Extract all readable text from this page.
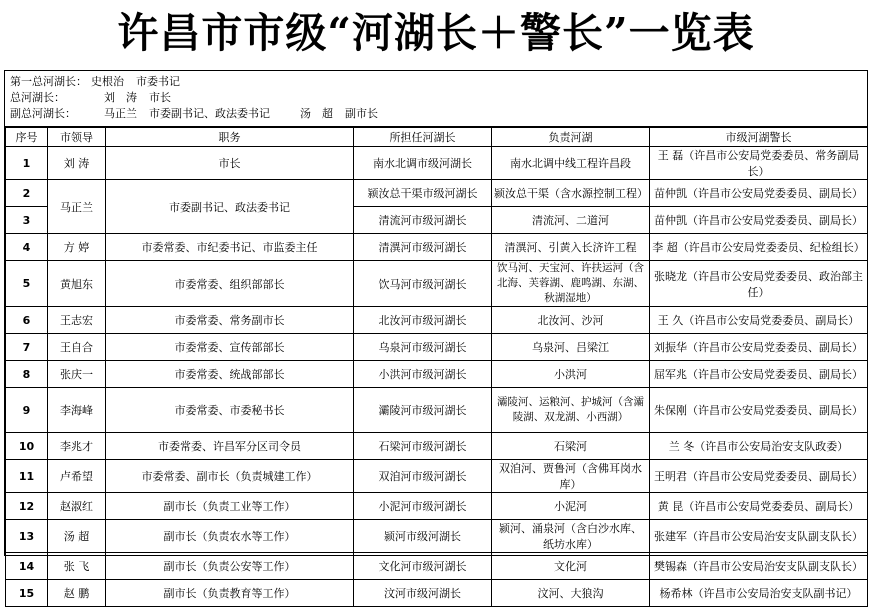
许昌市市级“河湖长＋警长”一览表
第一总河湖长： 史根治 市委书记
总河湖长：	刘　涛 市长
副总河湖长：	马正兰 市委副书记、政法委书记	汤　超 副市长
序号	市领导	职务	所担任河湖长	负责河湖	市级河湖警长
1	刘 涛	市长	南水北调市级河湖长	南水北调中线工程许昌段	王 磊（许昌市公安局党委委员、常务副局长）
2	马正兰	市委副书记、政法委书记	颍汝总干渠市级河湖长	颍汝总干渠（含水源控制工程）	苗仲凯（许昌市公安局党委委员、副局长）
3			清流河市级河湖长	清流河、二道河	苗仲凯（许昌市公安局党委委员、副局长）
4	方 婷	市委常委、市纪委书记、市监委主任	清潩河市级河湖长	清潩河、引黄入长济许工程	李 超（许昌市公安局党委委员、纪检组长）
5	黄旭东	市委常委、组织部部长	饮马河市级河湖长	饮马河、天宝河、许扶运河（含北海、芙蓉湖、鹿鸣湖、东湖、秋湖湿地）	张晓龙（许昌市公安局党委委员、政治部主任）
6	王志宏	市委常委、常务副市长	北汝河市级河湖长	北汝河、沙河	王 久（许昌市公安局党委委员、副局长）
7	王自合	市委常委、宣传部部长	乌泉河市级河湖长	乌泉河、吕梁江	刘振华（许昌市公安局党委委员、副局长）
8	张庆一	市委常委、统战部部长	小洪河市级河湖长	小洪河	屈军兆（许昌市公安局党委委员、副局长）
9	李海峰	市委常委、市委秘书长	灞陵河市级河湖长	灞陵河、运粮河、护城河（含灞陵湖、双龙湖、小西湖）	朱保刚（许昌市公安局党委委员、副局长）
10	李兆才	市委常委、许昌军分区司令员	石梁河市级河湖长	石梁河	兰 冬（许昌市公安局治安支队政委）
11	卢希望	市委常委、副市长（负责城建工作）	双洎河市级河湖长	双洎河、贾鲁河（含佛耳岗水库）	王明君（许昌市公安局党委委员、副局长）
12	赵淑红	副市长（负责工业等工作）	小泥河市级河湖长	小泥河	黄 昆（许昌市公安局党委委员、副局长）
13	汤 超	副市长（负责农水等工作）	颍河市级河湖长	颍河、涌泉河（含白沙水库、纸坊水库）	张建军（许昌市公安局治安支队副支队长）
14	张 飞	副市长（负责公安等工作）	文化河市级河湖长	文化河	樊锡森（许昌市公安局治安支队副支队长）
15	赵 鹏	副市长（负责教育等工作）	汶河市级河湖长	汶河、大狼沟	杨希林（许昌市公安局治安支队副书记）
